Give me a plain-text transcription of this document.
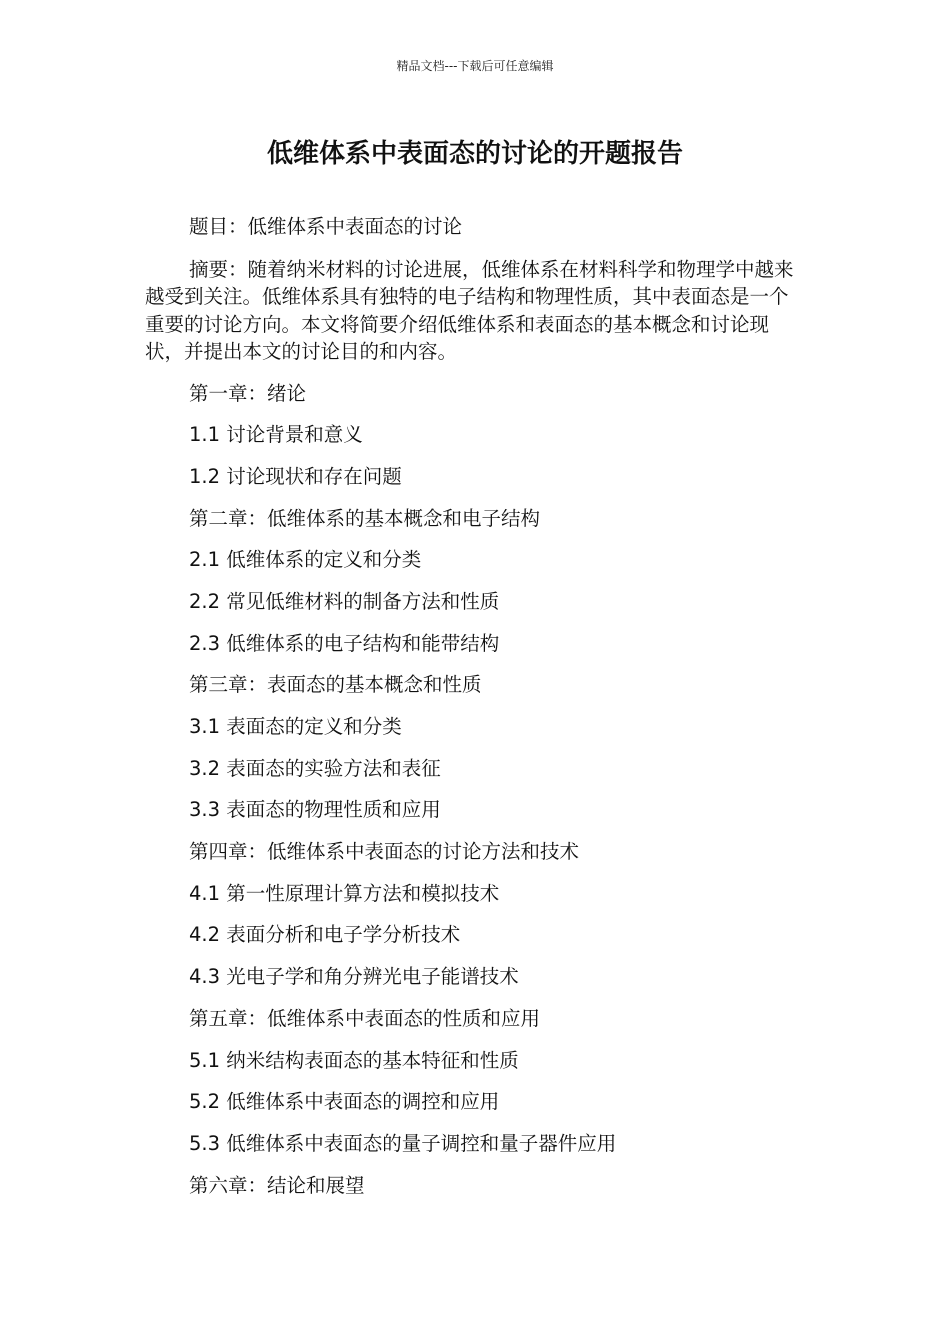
精品文档---下载后可任意编辑
低维体系中表面态的讨论的开题报告

题目：低维体系中表面态的讨论

摘要：随着纳米材料的讨论进展，低维体系在材料科学和物理学中越来越受到关注。低维体系具有独特的电子结构和物理性质，其中表面态是一个重要的讨论方向。本文将简要介绍低维体系和表面态的基本概念和讨论现状，并提出本文的讨论目的和内容。

第一章：绪论

1.1 讨论背景和意义

1.2 讨论现状和存在问题

第二章：低维体系的基本概念和电子结构

2.1 低维体系的定义和分类

2.2 常见低维材料的制备方法和性质

2.3 低维体系的电子结构和能带结构

第三章：表面态的基本概念和性质

3.1 表面态的定义和分类

3.2 表面态的实验方法和表征

3.3 表面态的物理性质和应用

第四章：低维体系中表面态的讨论方法和技术

4.1 第一性原理计算方法和模拟技术

4.2 表面分析和电子学分析技术

4.3 光电子学和角分辨光电子能谱技术

第五章：低维体系中表面态的性质和应用

5.1 纳米结构表面态的基本特征和性质

5.2 低维体系中表面态的调控和应用

5.3 低维体系中表面态的量子调控和量子器件应用

第六章：结论和展望
